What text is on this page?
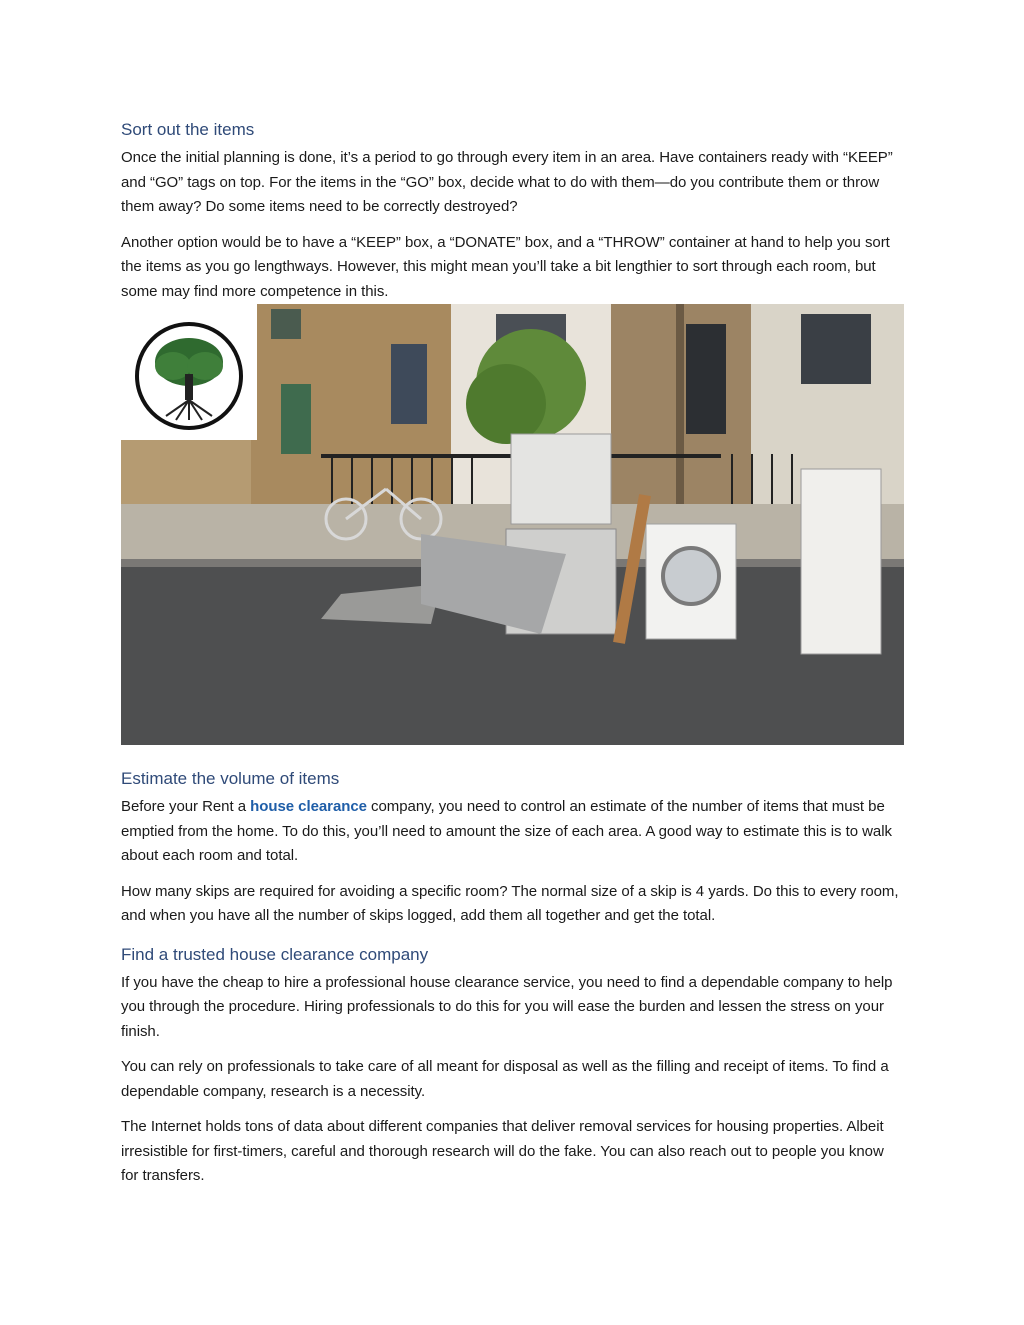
Sort out the items

Once the initial planning is done, it’s a period to go through every item in an area. Have containers ready with “KEEP” and “GO” tags on top. For the items in the “GO” box, decide what to do with them—do you contribute them or throw them away? Do some items need to be correctly destroyed?

Another option would be to have a “KEEP” box, a “DONATE” box, and a “THROW” container at hand to help you sort the items as you go lengthways. However, this might mean you’ll take a bit lengthier to sort through each room, but some may find more competence in this.

Estimate the volume of items

Before your Rent a house clearance company, you need to control an estimate of the number of items that must be emptied from the home. To do this, you’ll need to amount the size of each area. A good way to estimate this is to walk about each room and total.

How many skips are required for avoiding a specific room? The normal size of a skip is 4 yards. Do this to every room, and when you have all the number of skips logged, add them all together and get the total.

Find a trusted house clearance company

If you have the cheap to hire a professional house clearance service, you need to find a dependable company to help you through the procedure. Hiring professionals to do this for you will ease the burden and lessen the stress on your finish.

You can rely on professionals to take care of all meant for disposal as well as the filling and receipt of items. To find a dependable company, research is a necessity.

The Internet holds tons of data about different companies that deliver removal services for housing properties. Albeit irresistible for first-timers, careful and thorough research will do the fake. You can also reach out to people you know for transfers.
